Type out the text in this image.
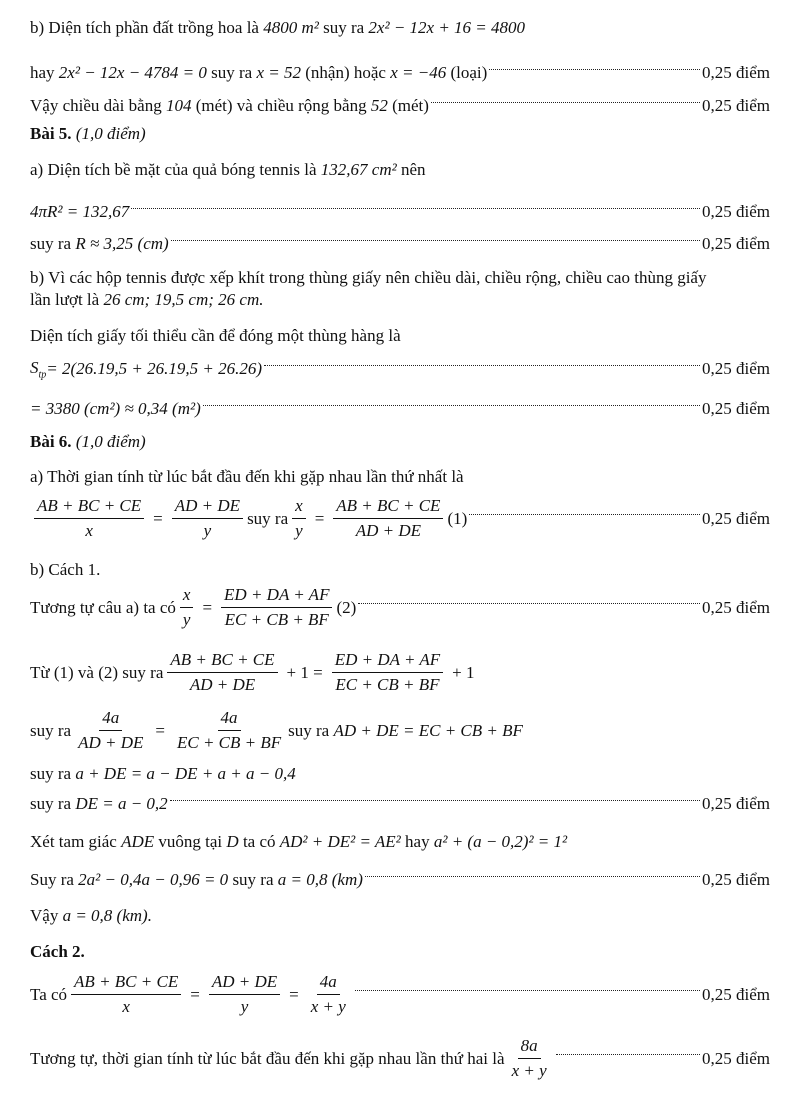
b) Diện tích phần đất trồng hoa là
4800 m²
suy ra
2x² − 12x + 16 = 4800
hay
2x² − 12x − 4784 = 0
suy ra
x = 52
(nhận) hoặc
x = −46
(loại)	0,25 điểm
Vậy chiều dài bằng
104
(mét) và chiều rộng bằng
52
(mét)	0,25 điểm
Bài 5.
(1,0 điểm)
a) Diện tích bề mặt của quả bóng tennis là
132,67 cm²
nên
4πR² = 132,67	0,25 điểm
suy ra
R ≈ 3,25 (cm)	0,25 điểm
b) Vì các hộp tennis được xếp khít trong thùng giấy nên chiều dài, chiều rộng, chiều cao thùng giấy
lần lượt là
26 cm; 19,5 cm; 26 cm.
Diện tích giấy tối thiểu cần để đóng một thùng hàng là
$S_{tp} = 2(26.19,5 + 26.19,5 + 26.26)$	0,25 điểm
= 3380 (cm²) ≈ 0,34 (m²)	0,25 điểm
Bài 6.
(1,0 điểm)
a) Thời gian tính từ lúc bắt đầu đến khi gặp nhau lần thứ nhất là
$\frac{AB + BC + CE}{x} = \frac{AD + DE}{y}$ suy ra $\frac{x}{y} = \frac{AB + BC + CE}{AD + DE} (1)$	0,25 điểm
b) Cách 1.
Tương tự câu a) ta có $\frac{x}{y} = \frac{ED + DA + AF}{EC + CB + BF} (2)$	0,25 điểm
Từ (1) và (2) suy ra $\frac{AB + BC + CE}{AD + DE} + 1 = \frac{ED + DA + AF}{EC + CB + BF} + 1$
suy ra $\frac{4a}{AD + DE} = \frac{4a}{EC + CB + BF}$ suy ra
AD + DE = EC + CB + BF
suy ra
a + DE = a − DE + a + a − 0,4
suy ra
DE = a − 0,2	0,25 điểm
Xét tam giác
ADE
vuông tại
D
ta có
AD² + DE² = AE²
hay
a² + (a − 0,2)² = 1²
Suy ra
2a² − 0,4a − 0,96 = 0
suy ra
a = 0,8 (km)	0,25 điểm
Vậy
a = 0,8 (km).
Cách 2.
Ta có $\frac{AB + BC + CE}{x} = \frac{AD + DE}{y} = \frac{4a}{x + y}$	0,25 điểm
Tương tự, thời gian tính từ lúc bắt đầu đến khi gặp nhau lần thứ hai là $\frac{8a}{x + y}$	0,25 điểm
